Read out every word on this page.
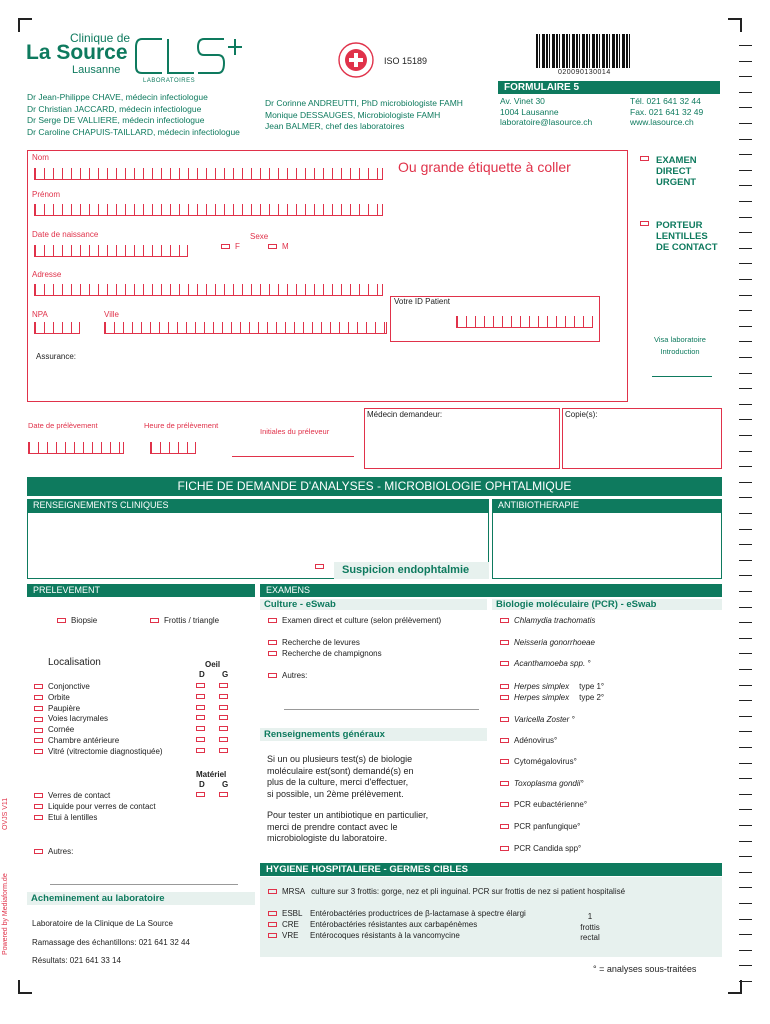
OVJS V11
Powered by Mediaform.de
Clinique de
La Source
Lausanne
LABORATOIRES
ISO 15189
020090130014
Dr Jean-Philippe CHAVE, médecin infectiologue
Dr Christian JACCARD, médecin infectiologue
Dr Serge DE VALLIERE, médecin infectiologue
Dr Caroline CHAPUIS-TAILLARD, médecin infectiologue
Dr Corinne ANDREUTTI, PhD microbiologiste FAMH
Monique DESSAUGES, Microbiologiste FAMH
Jean BALMER, chef des laboratoires
FORMULAIRE 5
Av. Vinet 30
1004 Lausanne
laboratoire@lasource.ch
Tél. 021 641 32 44
Fax. 021 641 32 49
www.lasource.ch
Nom
Ou grande étiquette à coller
Prénom
Date de naissance	Sexe
F	M
Adresse
NPA	Ville
Assurance:
Votre ID Patient
EXAMEN
DIRECT
URGENT
PORTEUR
LENTILLES
DE CONTACT
Visa laboratoire
Introduction
Date de prélèvement	Heure de prélèvement
Initiales du préleveur
Médecin demandeur:	Copie(s):
FICHE DE DEMANDE D'ANALYSES - MICROBIOLOGIE OPHTALMIQUE
RENSEIGNEMENTS CLINIQUES	ANTIBIOTHERAPIE
Suspicion endophtalmie
PRELEVEMENT
Biopsie	Frottis / triangle
Localisation	Oeil
D G
Conjonctive
Orbite
Paupière
Voies lacrymales
Cornée
Chambre antérieure
Vitré (vitrectomie diagnostiquée)
Matériel
D G
Verres de contact
Liquide pour verres de contact
Etui à lentilles
Autres:
Acheminement au laboratoire
Laboratoire de la Clinique de La Source
Ramassage des échantillons: 021 641 32 44
Résultats: 021 641 33 14
EXAMENS
Culture - eSwab	Biologie moléculaire (PCR) - eSwab
Examen direct et culture (selon prélèvement)
Recherche de levures
Recherche de champignons
Autres:
Renseignements généraux
Si un ou plusieurs test(s) de biologie
moléculaire est(sont) demandé(s) en
plus de la culture, merci d'effectuer,
si possible, un 2ème prélèvement.
Pour tester un antibiotique en particulier,
merci de prendre contact avec le
microbiologiste du laboratoire.
Chlamydia trachomatis
Neisseria gonorrhoeae
Acanthamoeba spp. °
Herpes simplex type 1°
Herpes simplex type 2°
Varicella Zoster °
Adénovirus°
Cytomégalovirus°
Toxoplasma gondii°
PCR eubactérienne°
PCR panfungique°
PCR Candida spp°
HYGIENE HOSPITALIERE - GERMES CIBLES
MRSA culture sur 3 frottis: gorge, nez et pli inguinal. PCR sur frottis de nez si patient hospitalisé
ESBL Entérobactéries productrices de β-lactamase à spectre élargi
CRE Entérobactéries résistantes aux carbapénèmes
VRE Entérocoques résistants à la vancomycine
1
frottis
rectal
° = analyses sous-traitées
